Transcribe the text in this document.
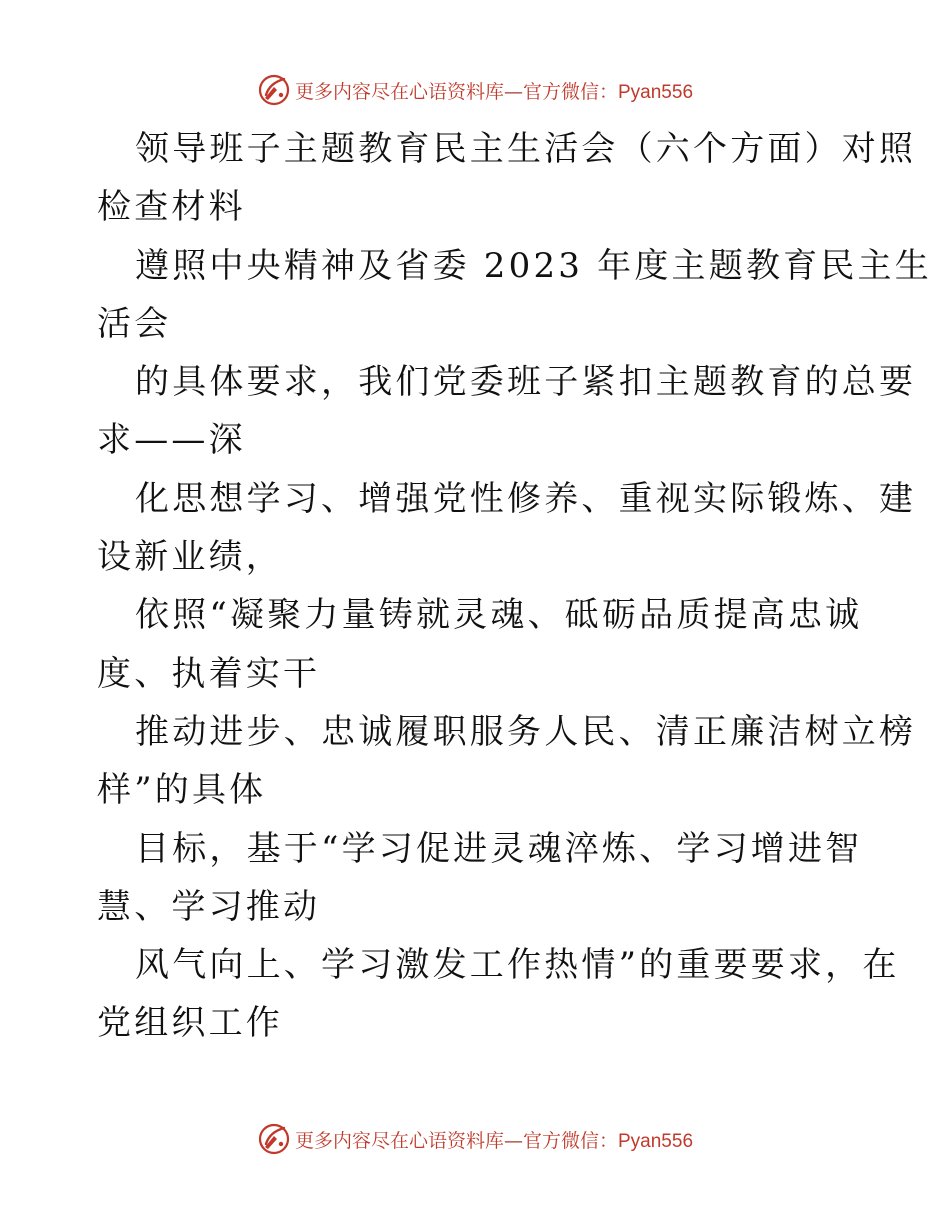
更多内容尽在心语资料库—官方微信：Pyan556
领导班子主题教育民主生活会（六个方面）对照
检查材料
遵照中央精神及省委 2023 年度主题教育民主生
活会
的具体要求，我们党委班子紧扣主题教育的总要
求——深
化思想学习、增强党性修养、重视实际锻炼、建
设新业绩，
依照“凝聚力量铸就灵魂、砥砺品质提高忠诚
度、执着实干
推动进步、忠诚履职服务人民、清正廉洁树立榜
样”的具体
目标，基于“学习促进灵魂淬炼、学习增进智
慧、学习推动
风气向上、学习激发工作热情”的重要要求，在
党组织工作
更多内容尽在心语资料库—官方微信：Pyan556
